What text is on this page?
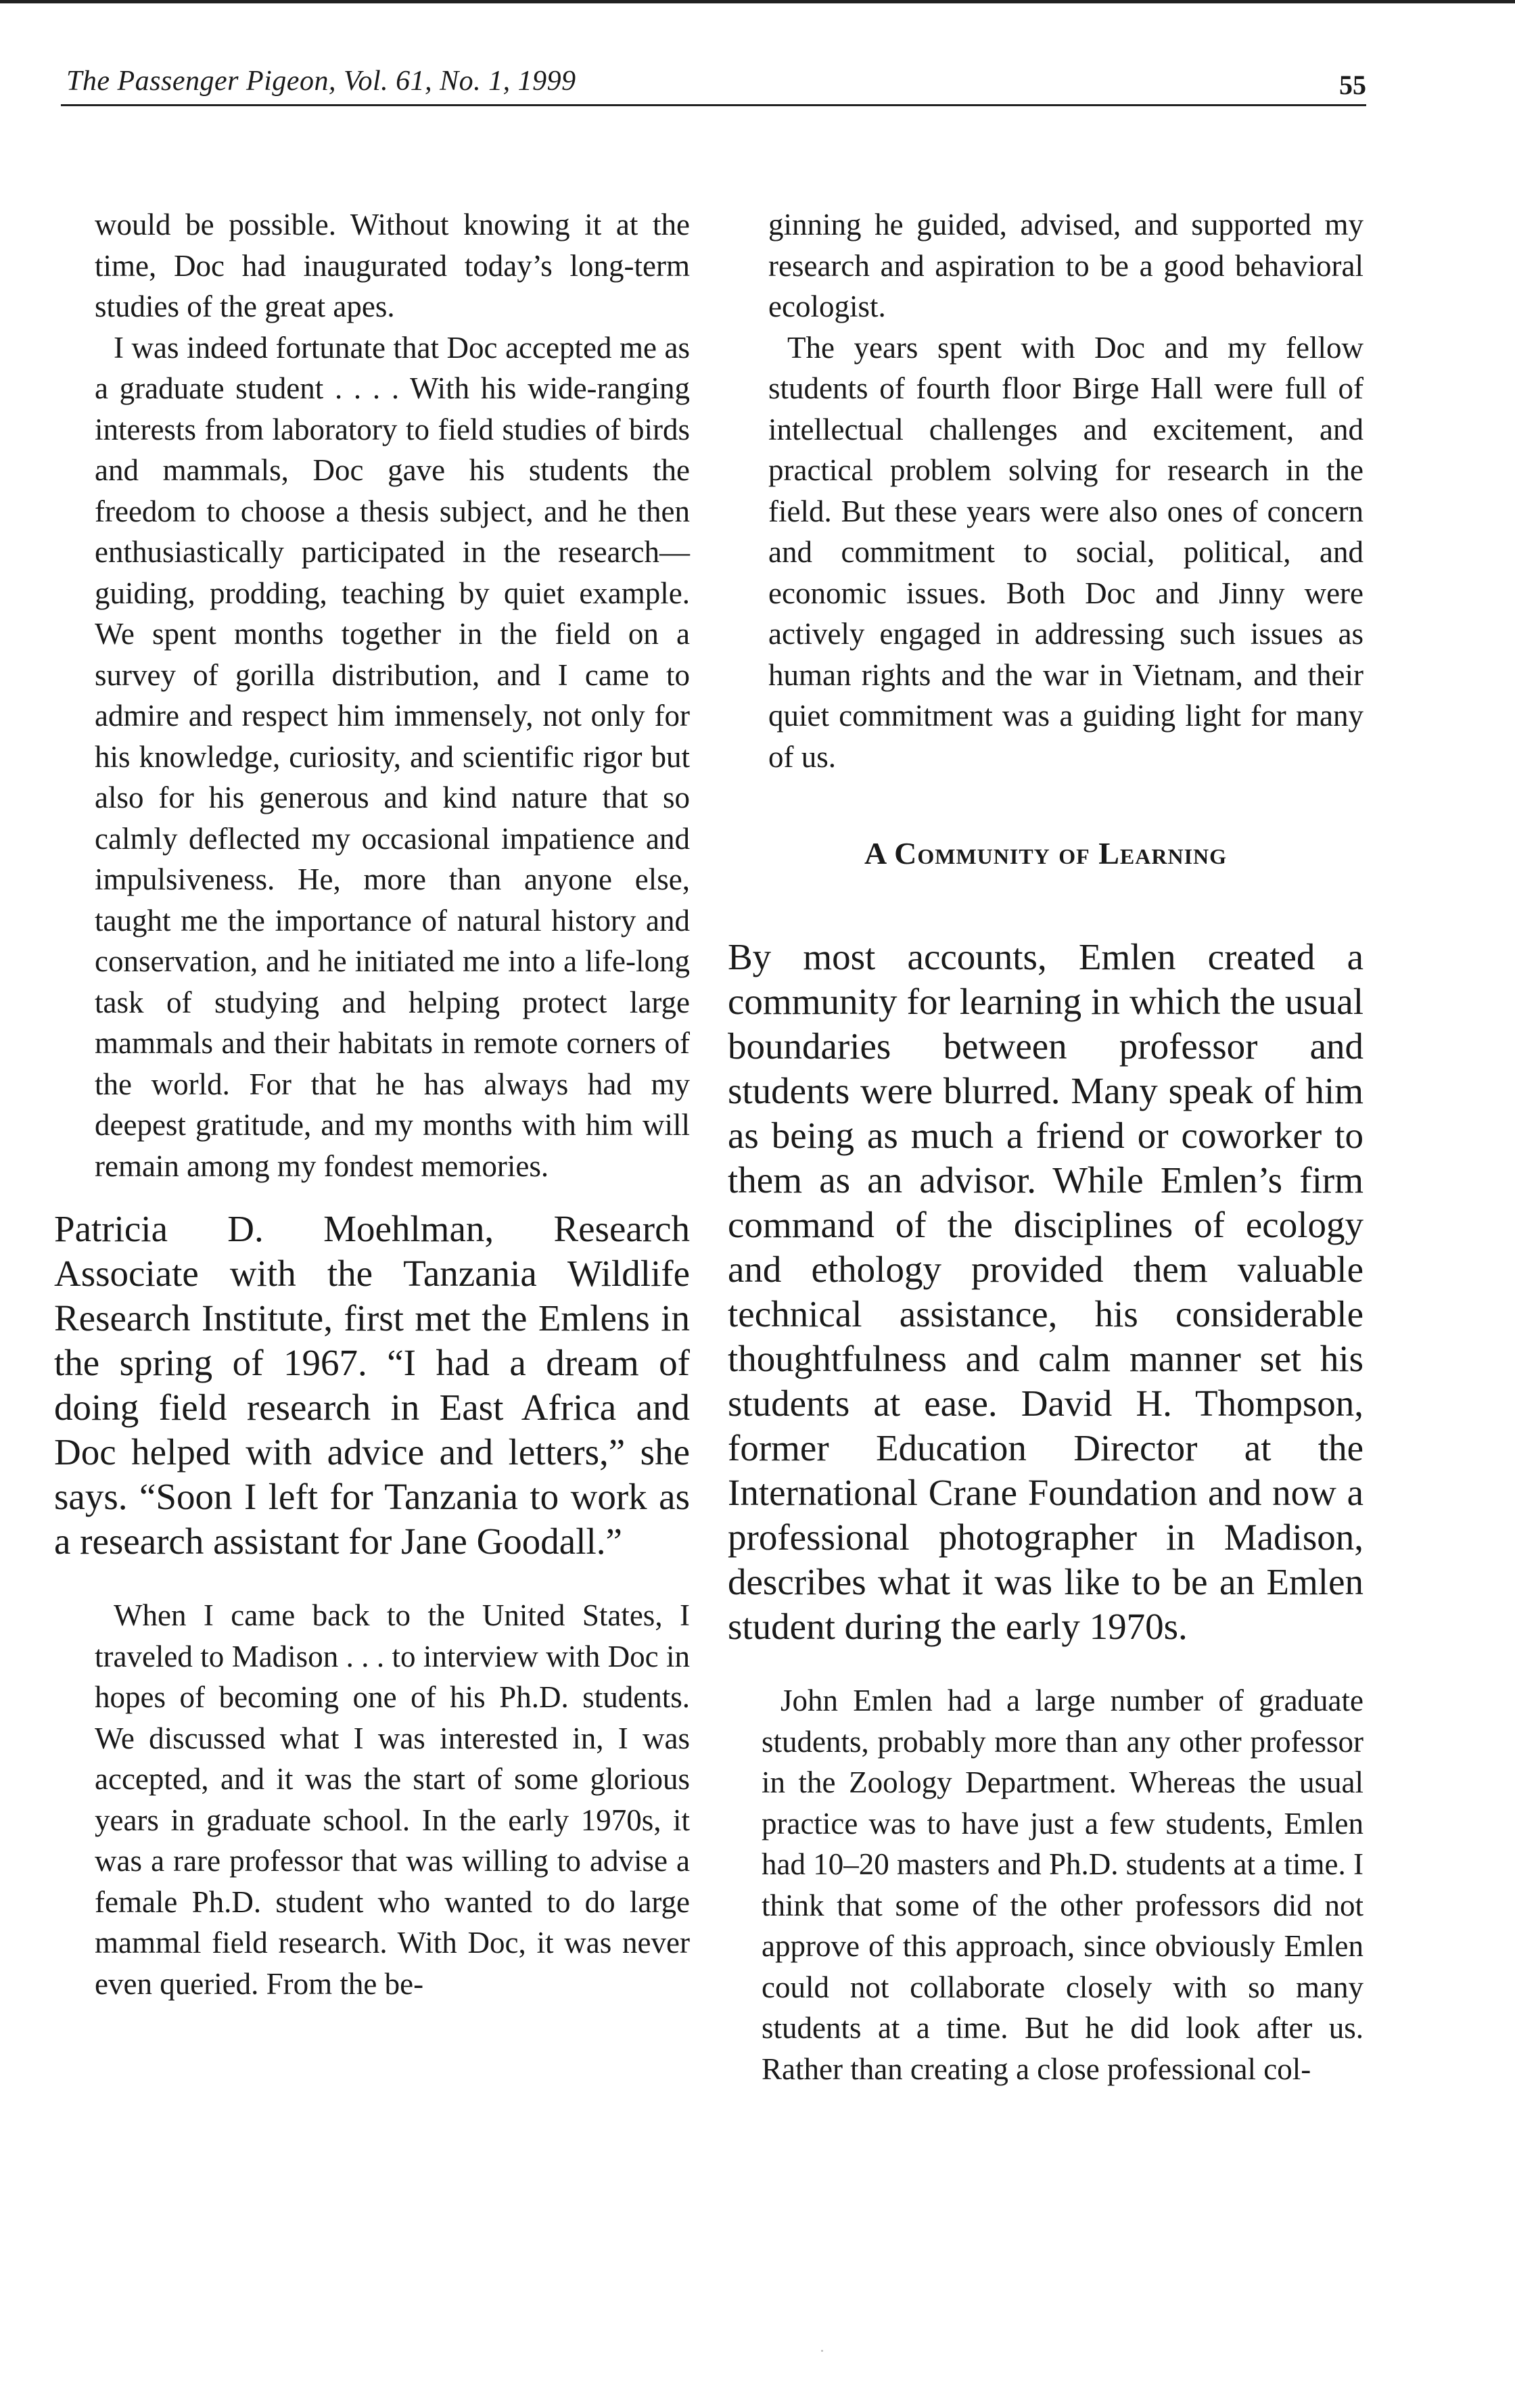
The Passenger Pigeon, Vol. 61, No. 1, 1999	55

would be possible. Without knowing it at the time, Doc had inaugurated today’s long-term studies of the great apes.

I was indeed fortunate that Doc accepted me as a graduate student . . . . With his wide-ranging interests from laboratory to field studies of birds and mammals, Doc gave his students the freedom to choose a thesis subject, and he then enthusiastically participated in the research—guiding, prodding, teaching by quiet example. We spent months together in the field on a survey of gorilla distribution, and I came to admire and respect him immensely, not only for his knowledge, curiosity, and scientific rigor but also for his generous and kind nature that so calmly deflected my occasional impatience and impulsiveness. He, more than anyone else, taught me the importance of natural history and conservation, and he initiated me into a life-long task of studying and helping protect large mammals and their habitats in remote corners of the world. For that he has always had my deepest gratitude, and my months with him will remain among my fondest memories.

Patricia D. Moehlman, Research Associate with the Tanzania Wildlife Research Institute, first met the Emlens in the spring of 1967. “I had a dream of doing field research in East Africa and Doc helped with advice and letters,” she says. “Soon I left for Tanzania to work as a research assistant for Jane Goodall.”

When I came back to the United States, I traveled to Madison . . . to interview with Doc in hopes of becoming one of his Ph.D. students. We discussed what I was interested in, I was accepted, and it was the start of some glorious years in graduate school. In the early 1970s, it was a rare professor that was willing to advise a female Ph.D. student who wanted to do large mammal field research. With Doc, it was never even queried. From the be-

ginning he guided, advised, and supported my research and aspiration to be a good behavioral ecologist.

The years spent with Doc and my fellow students of fourth floor Birge Hall were full of intellectual challenges and excitement, and practical problem solving for research in the field. But these years were also ones of concern and commitment to social, political, and economic issues. Both Doc and Jinny were actively engaged in addressing such issues as human rights and the war in Vietnam, and their quiet commitment was a guiding light for many of us.

A Community of Learning

By most accounts, Emlen created a community for learning in which the usual boundaries between professor and students were blurred. Many speak of him as being as much a friend or coworker to them as an advisor. While Emlen’s firm command of the disciplines of ecology and ethology provided them valuable technical assistance, his considerable thoughtfulness and calm manner set his students at ease. David H. Thompson, former Education Director at the International Crane Foundation and now a professional photographer in Madison, describes what it was like to be an Emlen student during the early 1970s.

John Emlen had a large number of graduate students, probably more than any other professor in the Zoology Department. Whereas the usual practice was to have just a few students, Emlen had 10–20 masters and Ph.D. students at a time. I think that some of the other professors did not approve of this approach, since obviously Emlen could not collaborate closely with so many students at a time. But he did look after us. Rather than creating a close professional col-
